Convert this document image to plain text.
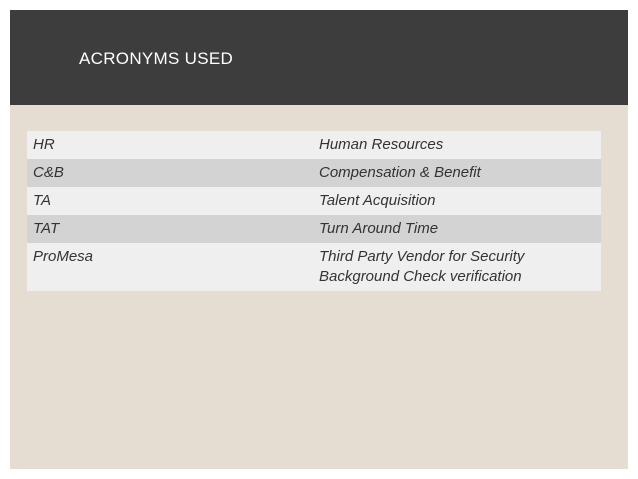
ACRONYMS USED
HR	Human Resources
C&B	Compensation & Benefit
TA	Talent Acquisition
TAT	Turn Around Time
ProMesa	Third Party Vendor for Security Background Check verification
